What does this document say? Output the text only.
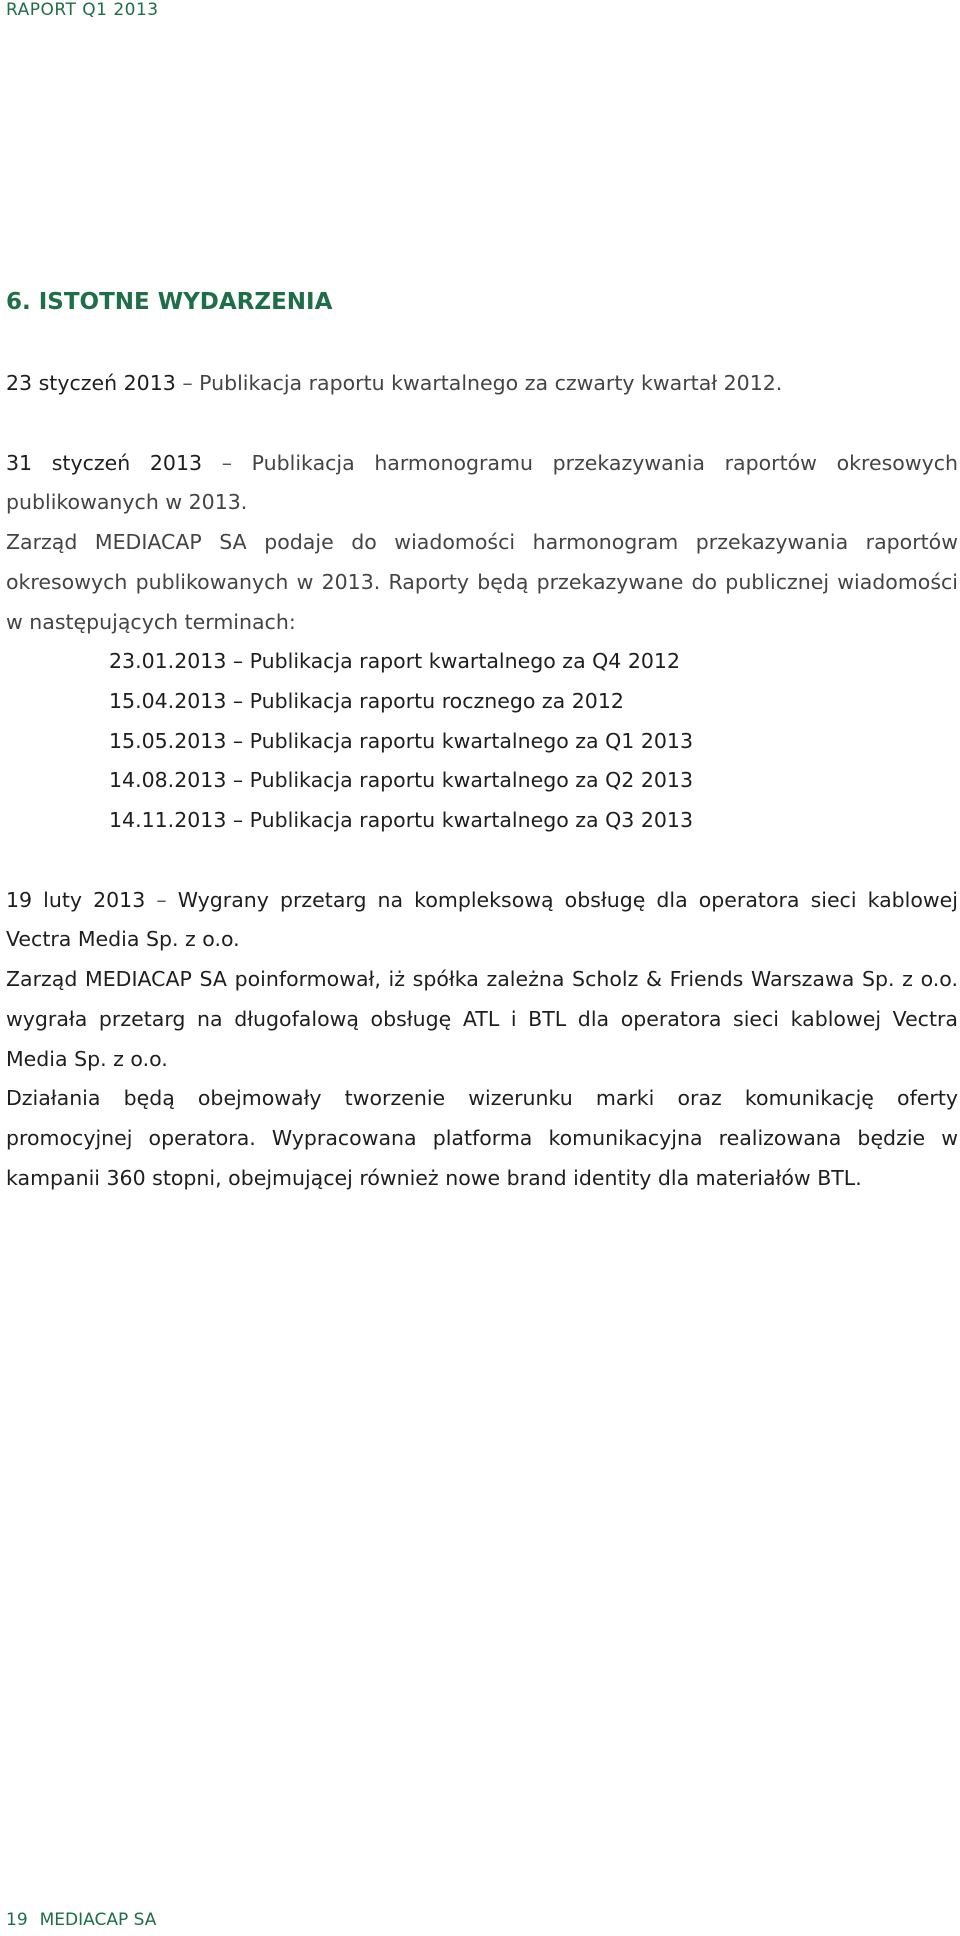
RAPORT Q1 2013
6. ISTOTNE WYDARZENIA

23 styczeń 2013 – Publikacja raportu kwartalnego za czwarty kwartał 2012.

31 styczeń 2013 – Publikacja harmonogramu przekazywania raportów okresowych publikowanych w 2013.

Zarząd MEDIACAP SA podaje do wiadomości harmonogram przekazywania raportów okresowych publikowanych w 2013. Raporty będą przekazywane do publicznej wiadomości w następujących terminach:

23.01.2013 – Publikacja raport kwartalnego za Q4 2012
15.04.2013 – Publikacja raportu rocznego za 2012
15.05.2013 – Publikacja raportu kwartalnego za Q1 2013
14.08.2013 – Publikacja raportu kwartalnego za Q2 2013
14.11.2013 – Publikacja raportu kwartalnego za Q3 2013

19 luty 2013 – Wygrany przetarg na kompleksową obsługę dla operatora sieci kablowej Vectra Media Sp. z o.o.

Zarząd MEDIACAP SA poinformował, iż spółka zależna Scholz & Friends Warszawa Sp. z o.o. wygrała przetarg na długofalową obsługę ATL i BTL dla operatora sieci kablowej Vectra Media Sp. z o.o.

Działania będą obejmowały tworzenie wizerunku marki oraz komunikację oferty promocyjnej operatora. Wypracowana platforma komunikacyjna realizowana będzie w kampanii 360 stopni, obejmującej również nowe brand identity dla materiałów BTL.

19 MEDIACAP SA
